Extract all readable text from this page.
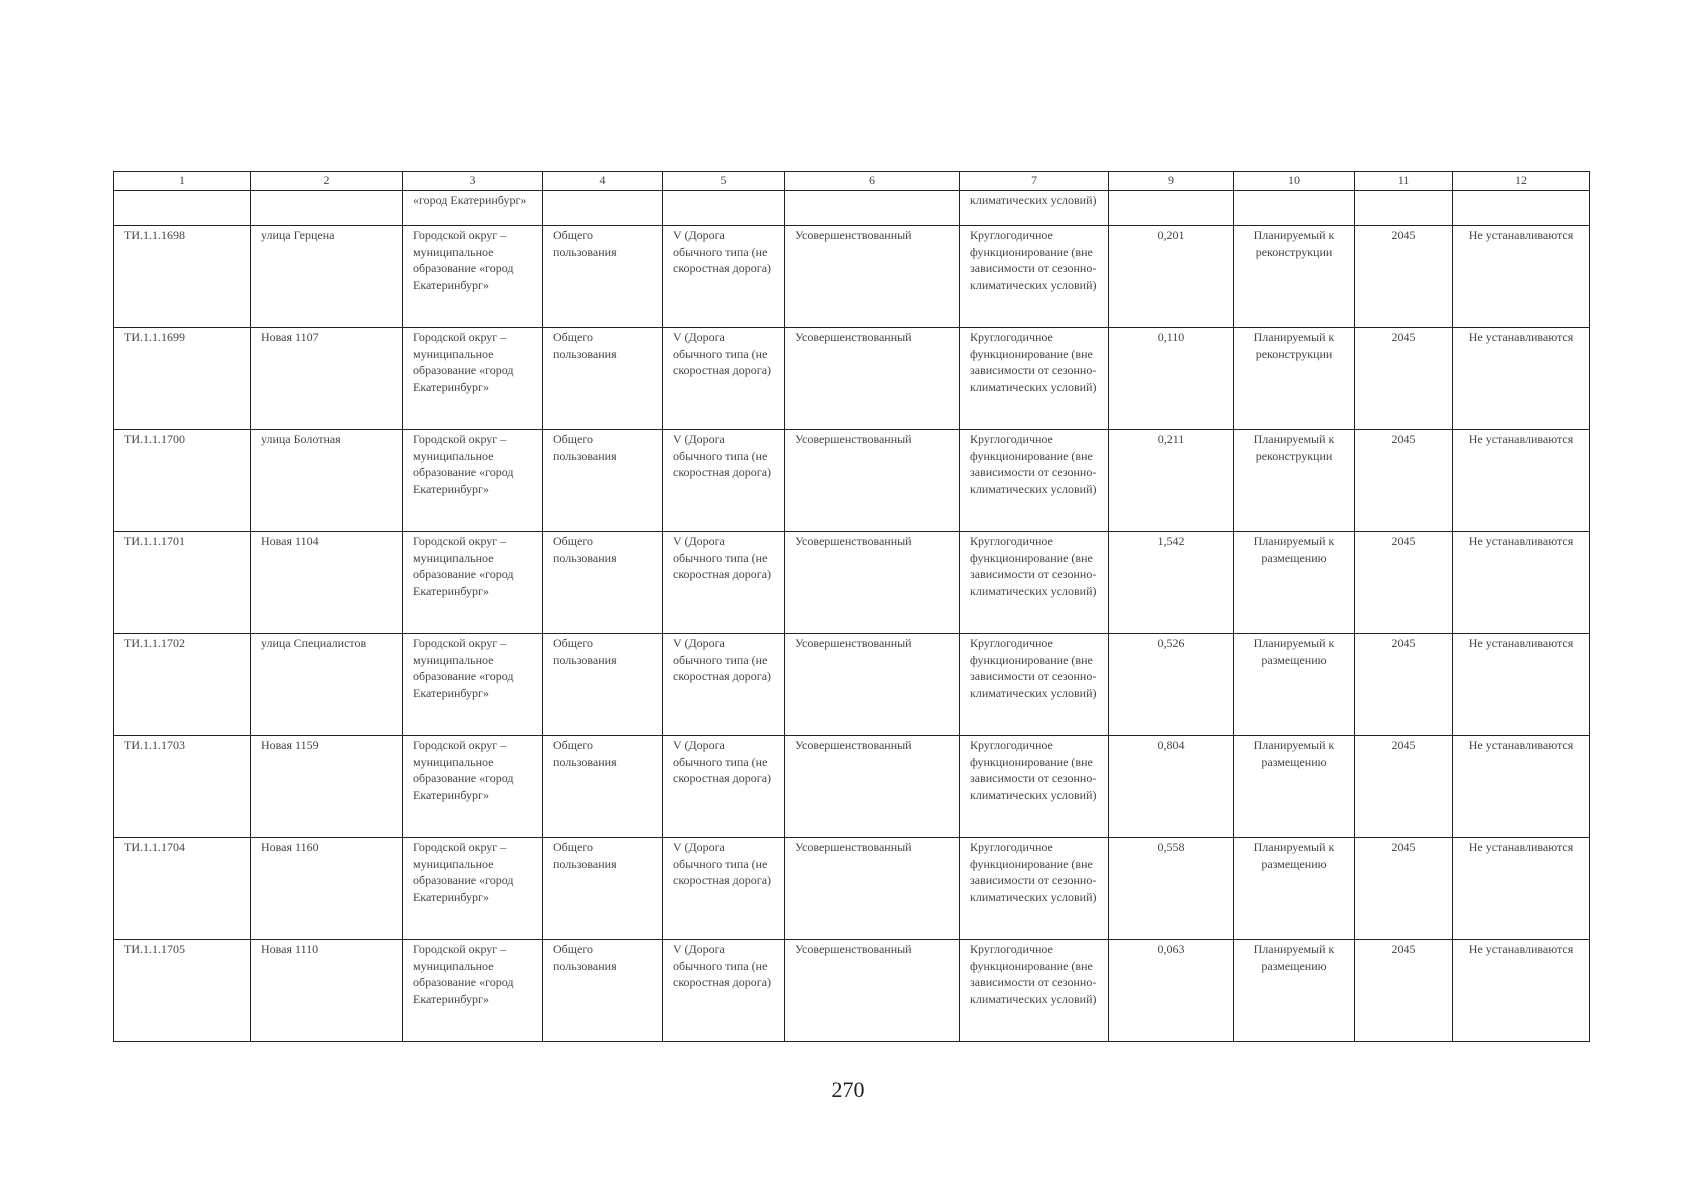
1	2	3	4	5	6	7	9	10	11	12
		«город Екатеринбург»				климатических условий)				
ТИ.1.1.1698	улица Герцена	Городской округ – муниципальное образование «город Екатеринбург»	Общего пользования	V (Дорога обычного типа (не скоростная дорога)	Усовершенствованный	Круглогодичное функционирование (вне зависимости от сезонно-климатических условий)	0,201	Планируемый к реконструкции	2045	Не устанавливаются
ТИ.1.1.1699	Новая 1107	Городской округ – муниципальное образование «город Екатеринбург»	Общего пользования	V (Дорога обычного типа (не скоростная дорога)	Усовершенствованный	Круглогодичное функционирование (вне зависимости от сезонно-климатических условий)	0,110	Планируемый к реконструкции	2045	Не устанавливаются
ТИ.1.1.1700	улица Болотная	Городской округ – муниципальное образование «город Екатеринбург»	Общего пользования	V (Дорога обычного типа (не скоростная дорога)	Усовершенствованный	Круглогодичное функционирование (вне зависимости от сезонно-климатических условий)	0,211	Планируемый к реконструкции	2045	Не устанавливаются
ТИ.1.1.1701	Новая 1104	Городской округ – муниципальное образование «город Екатеринбург»	Общего пользования	V (Дорога обычного типа (не скоростная дорога)	Усовершенствованный	Круглогодичное функционирование (вне зависимости от сезонно-климатических условий)	1,542	Планируемый к размещению	2045	Не устанавливаются
ТИ.1.1.1702	улица Специалистов	Городской округ – муниципальное образование «город Екатеринбург»	Общего пользования	V (Дорога обычного типа (не скоростная дорога)	Усовершенствованный	Круглогодичное функционирование (вне зависимости от сезонно-климатических условий)	0,526	Планируемый к размещению	2045	Не устанавливаются
ТИ.1.1.1703	Новая 1159	Городской округ – муниципальное образование «город Екатеринбург»	Общего пользования	V (Дорога обычного типа (не скоростная дорога)	Усовершенствованный	Круглогодичное функционирование (вне зависимости от сезонно-климатических условий)	0,804	Планируемый к размещению	2045	Не устанавливаются
ТИ.1.1.1704	Новая 1160	Городской округ – муниципальное образование «город Екатеринбург»	Общего пользования	V (Дорога обычного типа (не скоростная дорога)	Усовершенствованный	Круглогодичное функционирование (вне зависимости от сезонно-климатических условий)	0,558	Планируемый к размещению	2045	Не устанавливаются
ТИ.1.1.1705	Новая 1110	Городской округ – муниципальное образование «город Екатеринбург»	Общего пользования	V (Дорога обычного типа (не скоростная дорога)	Усовершенствованный	Круглогодичное функционирование (вне зависимости от сезонно-климатических условий)	0,063	Планируемый к размещению	2045	Не устанавливаются
270
